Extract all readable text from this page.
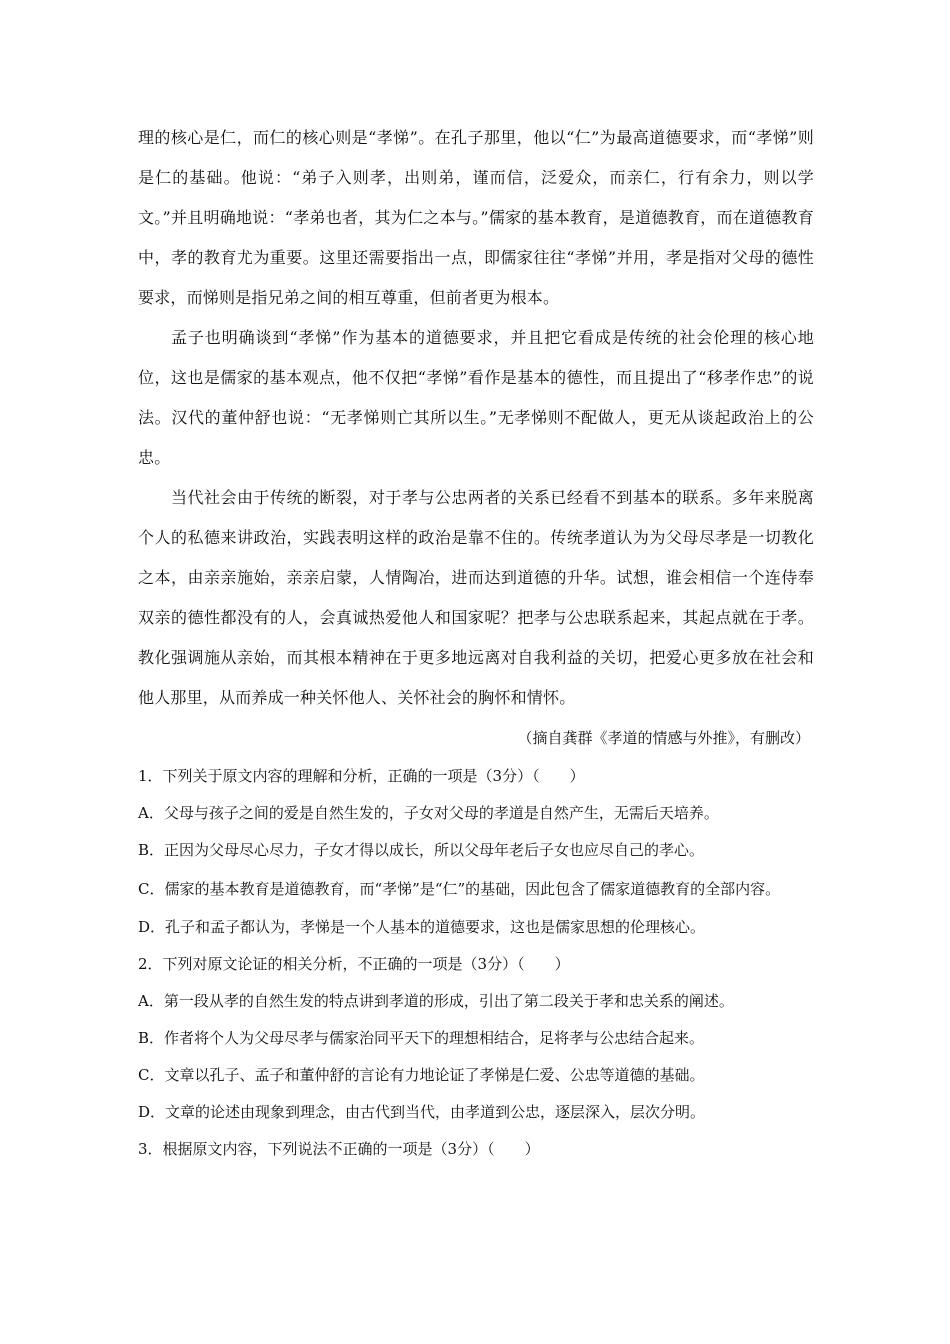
理的核心是仁，而仁的核心则是“孝悌”。在孔子那里，他以“仁”为最高道德要求，而“孝悌”则是仁的基础。他说：“弟子入则孝，出则弟，谨而信，泛爱众，而亲仁，行有余力，则以学文。”并且明确地说：“孝弟也者，其为仁之本与。”儒家的基本教育，是道德教育，而在道德教育中，孝的教育尤为重要。这里还需要指出一点，即儒家往往“孝悌”并用，孝是指对父母的德性要求，而悌则是指兄弟之间的相互尊重，但前者更为根本。

孟子也明确谈到“孝悌”作为基本的道德要求，并且把它看成是传统的社会伦理的核心地位，这也是儒家的基本观点，他不仅把“孝悌”看作是基本的德性，而且提出了“移孝作忠”的说法。汉代的董仲舒也说：“无孝悌则亡其所以生。”无孝悌则不配做人，更无从谈起政治上的公忠。

当代社会由于传统的断裂，对于孝与公忠两者的关系已经看不到基本的联系。多年来脱离个人的私德来讲政治，实践表明这样的政治是靠不住的。传统孝道认为为父母尽孝是一切教化之本，由亲亲施始，亲亲启蒙，人情陶冶，进而达到道德的升华。试想，谁会相信一个连侍奉双亲的德性都没有的人，会真诚热爱他人和国家呢？把孝与公忠联系起来，其起点就在于孝。教化强调施从亲始，而其根本精神在于更多地远离对自我利益的关切，把爱心更多放在社会和他人那里，从而养成一种关怀他人、关怀社会的胸怀和情怀。

（摘自龚群《孝道的情感与外推》，有删改）

1．下列关于原文内容的理解和分析，正确的一项是（3分）（　　）

A．父母与孩子之间的爱是自然生发的，子女对父母的孝道是自然产生，无需后天培养。

B．正因为父母尽心尽力，子女才得以成长，所以父母年老后子女也应尽自己的孝心。

C．儒家的基本教育是道德教育，而“孝悌”是“仁”的基础，因此包含了儒家道德教育的全部内容。

D．孔子和孟子都认为，孝悌是一个人基本的道德要求，这也是儒家思想的伦理核心。

2．下列对原文论证的相关分析，不正确的一项是（3分）（　　）

A．第一段从孝的自然生发的特点讲到孝道的形成，引出了第二段关于孝和忠关系的阐述。

B．作者将个人为父母尽孝与儒家治同平天下的理想相结合，足将孝与公忠结合起来。

C．文章以孔子、孟子和董仲舒的言论有力地论证了孝悌是仁爱、公忠等道德的基础。

D．文章的论述由现象到理念，由古代到当代，由孝道到公忠，逐层深入，层次分明。

3．根据原文内容，下列说法不正确的一项是（3分）（　　）
